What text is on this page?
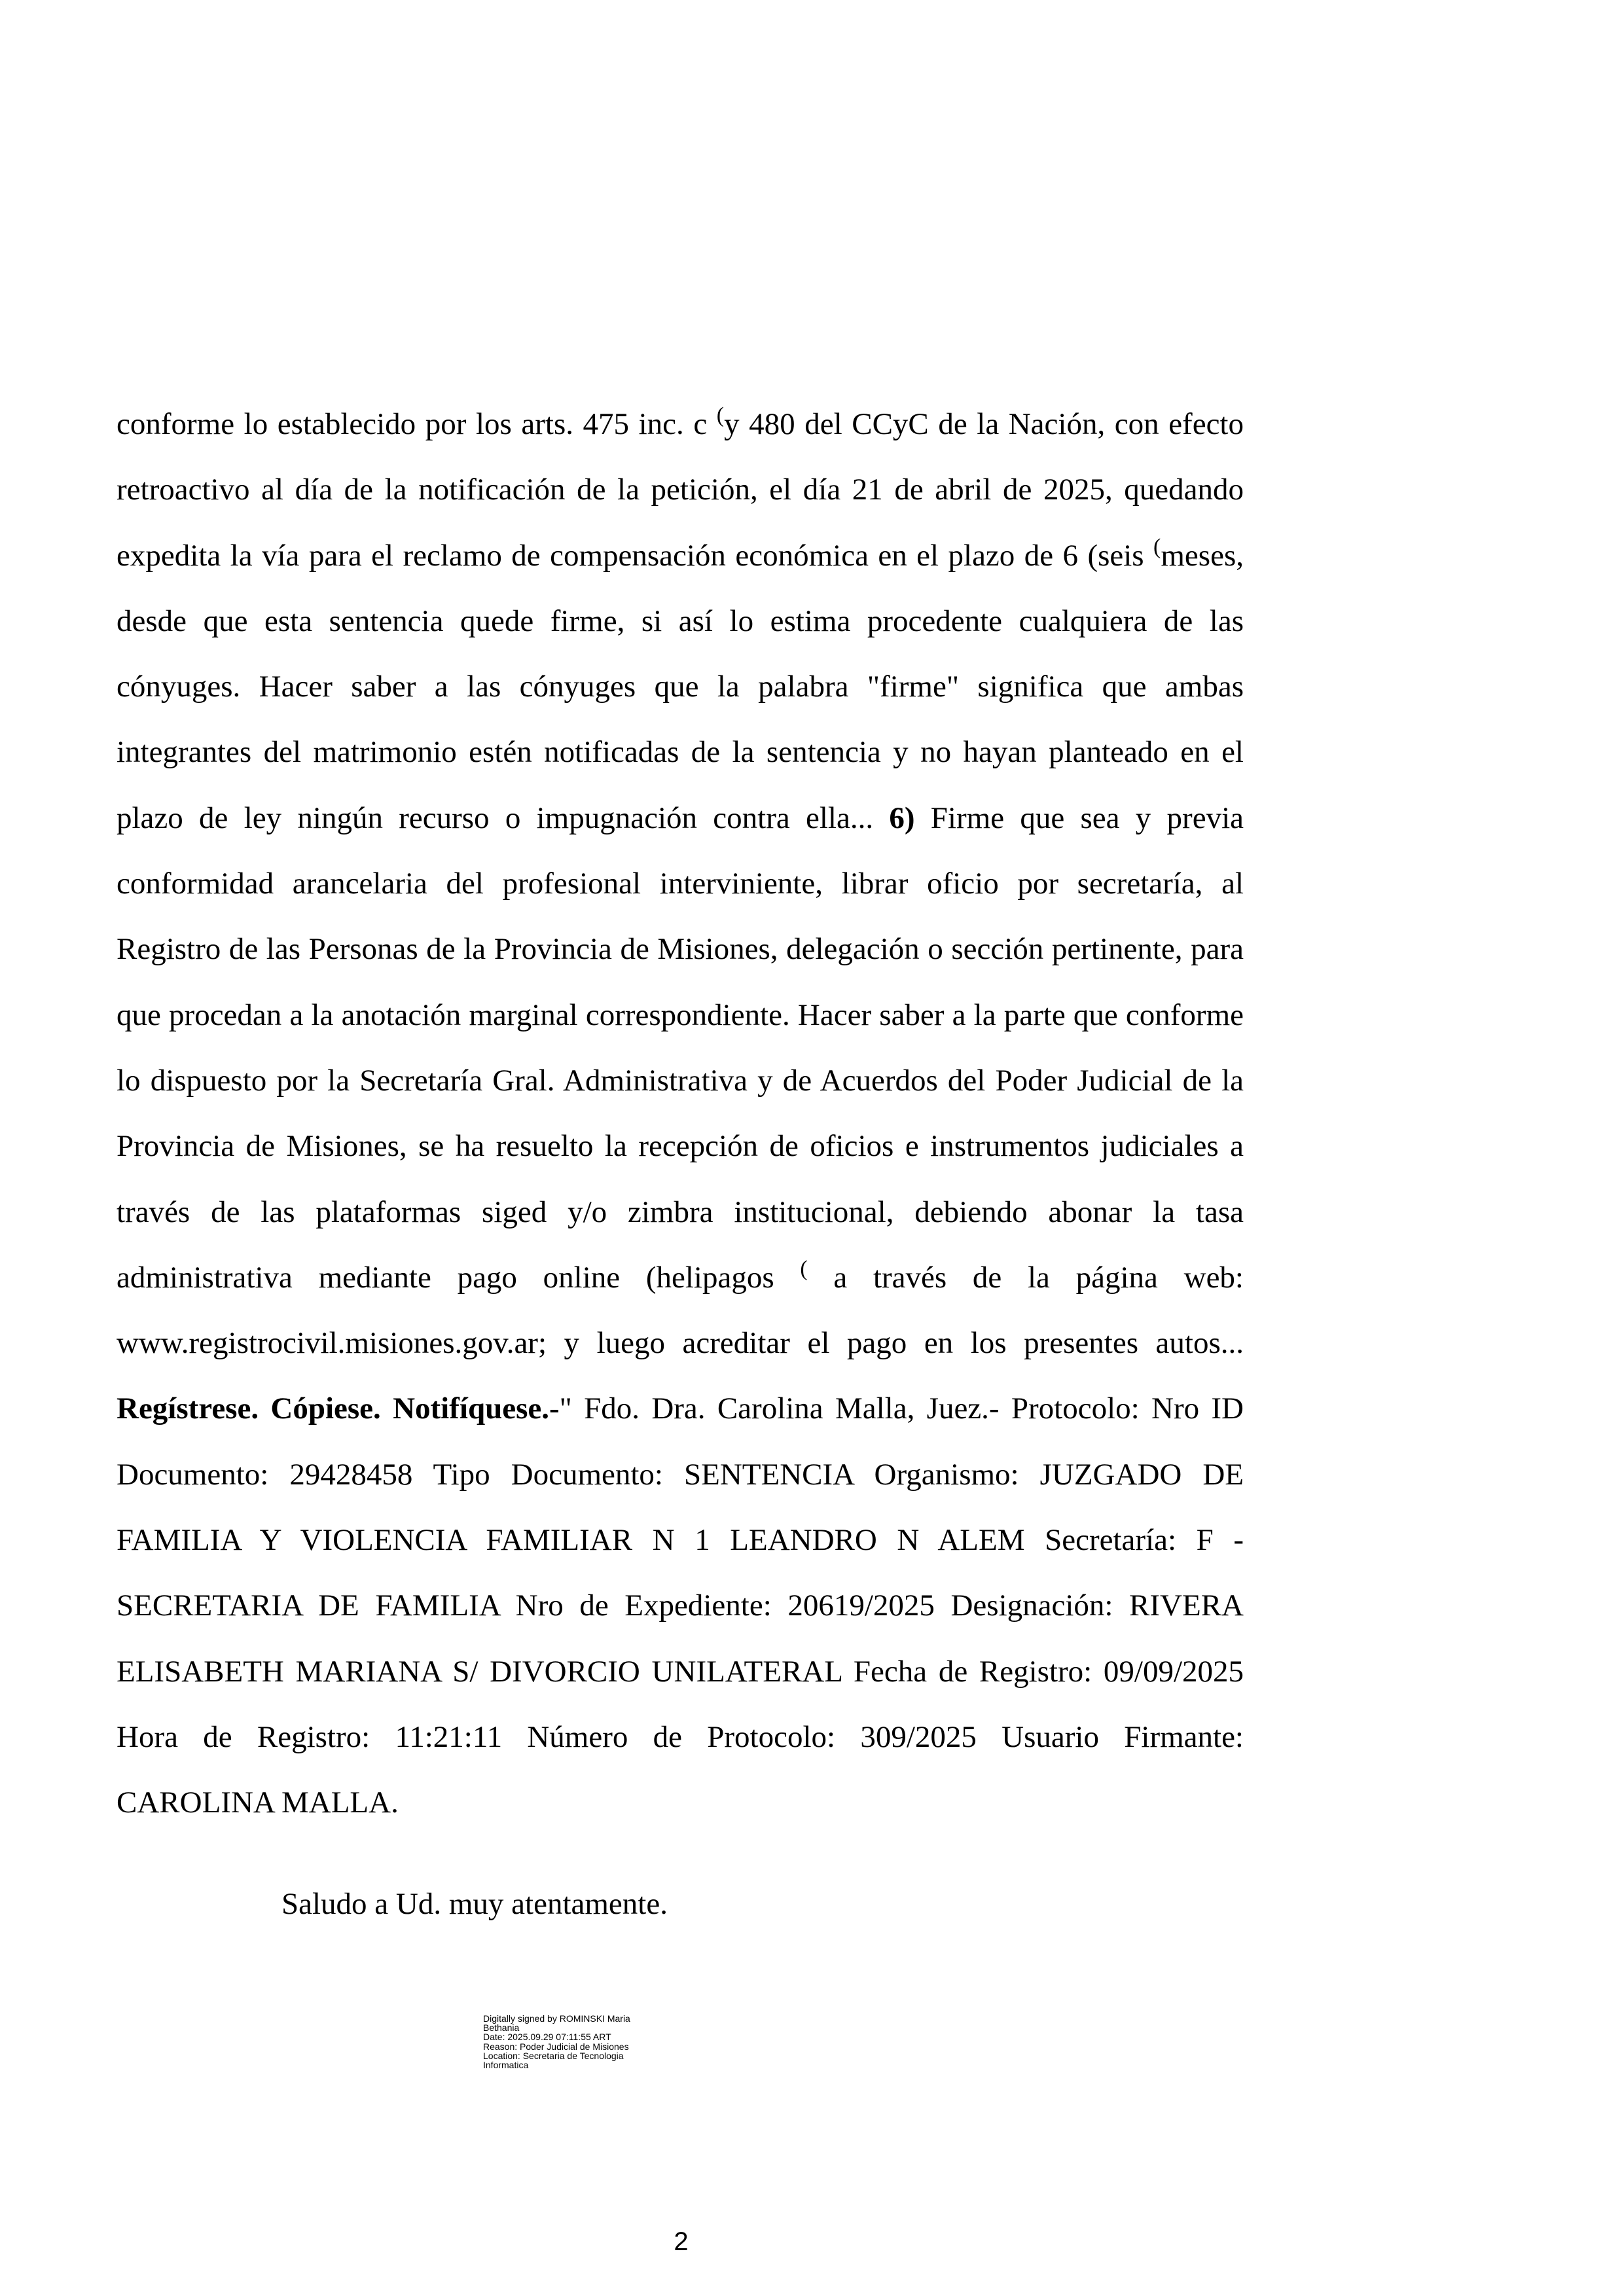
conforme lo establecido por los arts. 475 inc. c (y 480 del CCyC de la Nación, con efecto retroactivo al día de la notificación de la petición, el día 21 de abril de 2025, quedando expedita la vía para el reclamo de compensación económica en el plazo de 6 (seis (meses, desde que esta sentencia quede firme, si así lo estima procedente cualquiera de las cónyuges. Hacer saber a las cónyuges que la palabra "firme" significa que ambas integrantes del matrimonio estén notificadas de la sentencia y no hayan planteado en el plazo de ley ningún recurso o impugnación contra ella... 6) Firme que sea y previa conformidad arancelaria del profesional interviniente, librar oficio por secretaría, al Registro de las Personas de la Provincia de Misiones, delegación o sección pertinente, para que procedan a la anotación marginal correspondiente. Hacer saber a la parte que conforme lo dispuesto por la Secretaría Gral. Administrativa y de Acuerdos del Poder Judicial de la Provincia de Misiones, se ha resuelto la recepción de oficios e instrumentos judiciales a través de las plataformas siged y/o zimbra institucional, debiendo abonar la tasa administrativa mediante pago online (helipagos ( a través de la página web: www.registrocivil.misiones.gov.ar; y luego acreditar el pago en los presentes autos... Regístrese. Cópiese. Notifíquese.-" Fdo. Dra. Carolina Malla, Juez.- Protocolo: Nro ID Documento: 29428458 Tipo Documento: SENTENCIA Organismo: JUZGADO DE FAMILIA Y VIOLENCIA FAMILIAR N 1 LEANDRO N ALEM Secretaría: F - SECRETARIA DE FAMILIA Nro de Expediente: 20619/2025 Designación: RIVERA ELISABETH MARIANA S/ DIVORCIO UNILATERAL Fecha de Registro: 09/09/2025 Hora de Registro: 11:21:11 Número de Protocolo: 309/2025 Usuario Firmante: CAROLINA MALLA.

Saludo a Ud. muy atentamente.
Digitally signed by ROMINSKI Maria
Bethania
Date: 2025.09.29 07:11:55 ART
Reason: Poder Judicial de Misiones
Location: Secretaria de Tecnologia
Informatica
2
